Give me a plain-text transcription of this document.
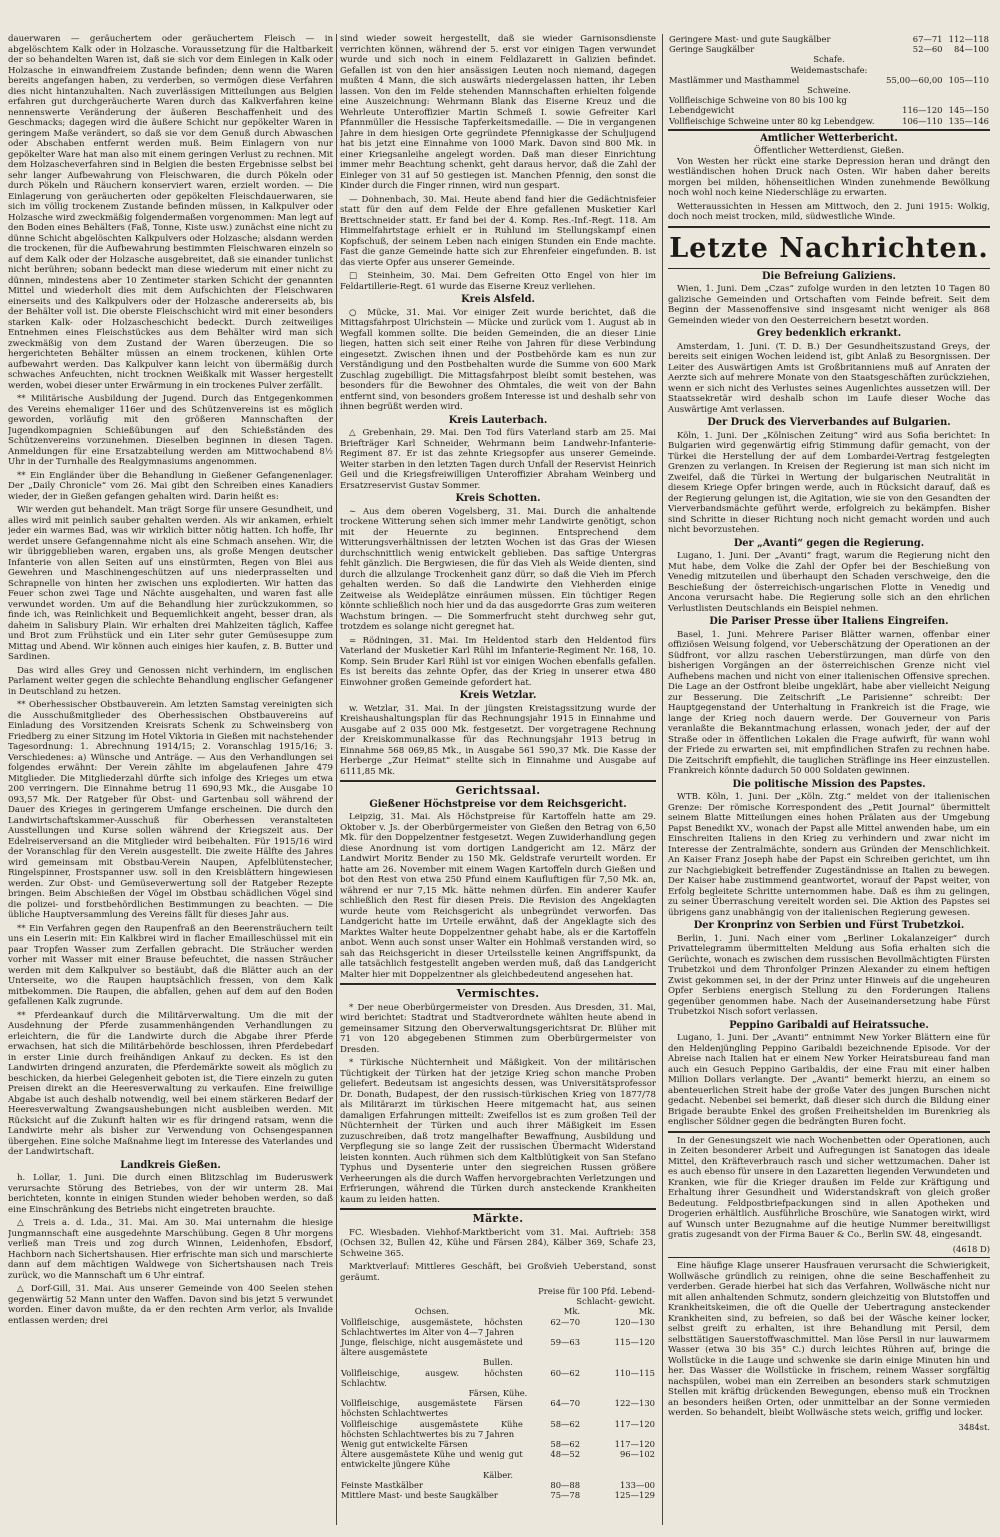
dauerwaren — geräuchertem oder geräuchertem Fleisch — in abgelöschtem Kalk oder in Holzasche. Voraussetzung für die Haltbarkeit der so behandelten Waren ist, daß sie sich vor dem Einlegen in Kalk oder Holzasche in einwandfreiem Zustande befinden; denn wenn die Waren bereits angefangen haben, zu verderben, so vermögen diese Verfahren dies nicht hintanzuhalten. Nach zuverlässigen Mitteilungen aus Belgien erfahren gut durchgeräucherte Waren durch das Kalkverfahren keine nennenswerte Veränderung der äußeren Beschaffenheit und des Geschmacks; dagegen wird die äußere Schicht nur gepökelter Waren in geringem Maße verändert, so daß sie vor dem Genuß durch Abwaschen oder Abschaben entfernt werden muß. Beim Einlagern von nur gepökelter Ware hat man also mit einem geringen Verlust zu rechnen. Mit dem Holzascheverfahren sind in Belgien die besten Ergebnisse selbst bei sehr langer Aufbewahrung von Fleischwaren, die durch Pökeln oder durch Pökeln und Räuchern konserviert waren, erzielt worden. — Die Einlagerung von geräucherten oder gepökelten Fleischdauerwaren, sie sich im völlig trockenem Zustande befinden müssen, in Kalkpulver oder Holzasche wird zweckmäßig folgendermaßen vorgenommen: Man legt auf den Boden eines Behälters (Faß, Tonne, Kiste usw.) zunächst eine nicht zu dünne Schicht abgelöschten Kalkpulvers oder Holzasche; alsdann werden die trockenen, für die Aufbewahrung bestimmten Fleischwaren einzeln so auf dem Kalk oder der Holzasche ausgebreitet, daß sie einander tunlichst nicht berühren; sobann bedeckt man diese wiederum mit einer nicht zu dünnen, mindestens aber 10 Zentimeter starken Schicht der genannten Mittel und wiederholt dies mit dem Aufschichten der Fleischwaren einerseits und des Kalkpulvers oder der Holzasche andererseits ab, bis der Behälter voll ist. Die oberste Fleischschicht wird mit einer besonders starken Kalk- oder Holzascheschicht bedeckt. Durch zeitweiliges Entnehmen eines Fleischstückes aus dem Behälter wird man sich zweckmäßig von dem Zustand der Waren überzeugen. Die so hergerichteten Behälter müssen an einem trockenen, kühlen Orte aufbewahrt werden. Das Kalkpulver kann leicht von übermäßig durch schwaches Anfeuchten, nicht trocknen Weißkalk mit Wasser hergestellt werden, wobei dieser unter Erwärmung in ein trockenes Pulver zerfällt.

** Militärische Ausbildung der Jugend. Durch das Entgegenkommen des Vereins ehemaliger 116er und des Schützenvereins ist es möglich geworden, vorläufig mit den größeren Mannschaften der Jugendkompagnien Schießübungen auf den Schießständen des Schützenvereins vorzunehmen. Dieselben beginnen in diesen Tagen. Anmeldungen für eine Ersatzabteilung werden am Mittwochabend 8½ Uhr in der Turnhalle des Realgymnasiums angenommen.

** Ein Engländer über die Behandlung in Gießener Gefangenenlager. Der „Daily Chronicle“ vom 26. Mai gibt den Schreiben eines Kanadiers wieder, der in Gießen gefangen gehalten wird. Darin heißt es:

Wir werden gut behandelt. Man trägt Sorge für unsere Gesundheit, und alles wird mit peinlich sauber gehalten werden. Als wir ankamen, erhielt jeder ein warmes Bad, was wir wirklich bitter nötig hatten. Ich hoffe, Ihr werdet unsere Gefangennahme nicht als eine Schmach ansehen. Wir, die wir übriggeblieben waren, ergaben uns, als große Mengen deutscher Infanterie von allen Seiten auf uns einstürmten, Regen von Blei aus Gewehren und Maschinengeschützen auf uns niederprasselten und Schrapnelle von hinten her zwischen uns explodierten. Wir hatten das Feuer schon zwei Tage und Nächte ausgehalten, und waren fast alle verwundet worden. Um auf die Behandlung hier zurückzukommen, so finde ich, was Reinlichkeit und Bequemlichkeit angeht, besser dran, als daheim in Salisbury Plain. Wir erhalten drei Mahlzeiten täglich, Kaffee und Brot zum Frühstück und ein Liter sehr guter Gemüsesuppe zum Mittag und Abend. Wir können auch einiges hier kaufen, z. B. Butter und Sardinen.

Das wird alles Grey und Genossen nicht verhindern, im englischen Parlament weiter gegen die schlechte Behandlung englischer Gefangener in Deutschland zu hetzen.

** Oberhessischer Obstbauverein. Am letzten Samstag vereinigten sich die Ausschußmitglieder des Oberhessischen Obstbauvereins auf Einladung des Vorsitzenden Kreisrats Schenk zu Schweinsberg von Friedberg zu einer Sitzung im Hotel Viktoria in Gießen mit nachstehender Tagesordnung: 1. Abrechnung 1914/15; 2. Voranschlag 1915/16; 3. Verschiedenes: a) Wünsche und Anträge. — Aus den Verhandlungen sei folgendes erwähnt: Der Verein zählte im abgelaufenen Jahre 479 Mitglieder. Die Mitgliederzahl dürfte sich infolge des Krieges um etwa 200 verringern. Die Einnahme betrug 11 690,93 Mk., die Ausgabe 10 093,57 Mk. Der Ratgeber für Obst- und Gartenbau soll während der Dauer des Krieges in geringerem Umfange erscheinen. Die durch den Landwirtschaftskammer-Ausschuß für Oberhessen veranstalteten Ausstellungen und Kurse sollen während der Kriegszeit aus. Der Edelreiserversand an die Mitglieder wird beibehalten. Für 1915/16 wird der Voranschlag für den Verein ausgestellt. Die zweite Hälfte des Jahres wird gemeinsam mit Obstbau-Verein Naupen, Apfelblütenstecher, Ringelspinner, Frostspanner usw. soll in den Kreisblättern hingewiesen werden. Zur Obst- und Gemüseverwertung soll der Ratgeber Rezepte bringen. Beim Abschießen der Vögel im Obstbau schädlichen Vögel sind die polizei- und forstbehördlichen Bestimmungen zu beachten. — Die übliche Hauptversammlung des Vereins fällt für dieses Jahr aus.

** Ein Verfahren gegen den Raupenfraß an den Beerensträuchern teilt uns ein Leserin mit: Ein Kalkbrei wird in flacher Emailleschüssel mit ein paar Tropfen Wasser zum Zerfallen gebracht. Die Sträucher werden vorher mit Wasser mit einer Brause befeuchtet, die nassen Sträucher werden mit dem Kalkpulver so bestäubt, daß die Blätter auch an der Unterseite, wo die Raupen hauptsächlich fressen, von dem Kalk mitbekommen. Die Raupen, die abfallen, gehen auf dem auf den Boden gefallenen Kalk zugrunde.

** Pferdeankauf durch die Militärverwaltung. Um die mit der Ausdehnung der Pferde zusammenhängenden Verhandlungen zu erleichtern, die für die Landwirte durch die Abgabe ihrer Pferde erwachsen, hat sich die Militärbehörde beschlossen, ihren Pferdebedarf in erster Linie durch freihändigen Ankauf zu decken. Es ist den Landwirten dringend anzuraten, die Pferdemärkte soweit als möglich zu beschicken, da hierbei Gelegenheit geboten ist, die Tiere einzeln zu guten Preisen direkt an die Heeresverwaltung zu verkaufen. Eine freiwillige Abgabe ist auch deshalb notwendig, weil bei einem stärkeren Bedarf der Heeresverwaltung Zwangsaushebungen nicht ausbleiben werden. Mit Rücksicht auf die Zukunft halten wir es für dringend ratsam, wenn die Landwirte mehr als bisher zur Verwendung von Ochsengespannen übergehen. Eine solche Maßnahme liegt im Interesse des Vaterlandes und der Landwirtschaft.

Landkreis Gießen.

h. Lollar, 1. Juni. Die durch einen Blitzschlag im Buderuswerk verursachte Störung des Betriebes, von der wir unterm 28. Mai berichteten, konnte in einigen Stunden wieder behoben werden, so daß eine Einschränkung des Betriebs nicht eingetreten brauchte.

△ Treis a. d. Lda., 31. Mai. Am 30. Mai unternahm die hiesige Jungmannschaft eine ausgedehnte Marschübung. Gegen 8 Uhr morgens verließ man Treis und zog durch Winnen, Leidenhofen, Ebsdorf, Hachborn nach Sichertshausen. Hier erfrischte man sich und marschierte dann auf dem mächtigen Waldwege von Sichertshausen nach Treis zurück, wo die Mannschaft um 6 Uhr eintraf.

△ Dorf-Gill, 31. Mai. Aus unserer Gemeinde von 400 Seelen stehen gegenwärtig 52 Mann unter den Waffen. Davon sind bis jetzt 5 verwundet worden. Einer davon mußte, da er den rechten Arm verlor, als Invalide entlassen werden; drei

sind wieder soweit hergestellt, daß sie wieder Garnisonsdienste verrichten können, während der 5. erst vor einigen Tagen verwundet wurde und sich noch in einem Feldlazarett in Galizien befindet. Gefallen ist von den hier ansässigen Leuten noch niemand, dagegen mußten 4 Mann, die sich auswärts niedergelassen hatten, ihr Leben lassen. Von den im Felde stehenden Mannschaften erhielten folgende eine Auszeichnung: Wehrmann Blank das Eiserne Kreuz und die Wehrleute Unteroffizier Martin Schmeß I. sowie Gefreiter Karl Pfannmüller die Hessische Tapferkeitsmedaille. — Die in vergangenen Jahre in dem hiesigen Orte gegründete Pfennigkasse der Schuljugend hat bis jetzt eine Einnahme von 1000 Mark. Davon sind 800 Mk. in einer Kriegsanleihe angelegt worden. Daß man dieser Einrichtung immer mehr Beachtung schenkt, geht daraus hervor, daß die Zahl der Einleger von 31 auf 50 gestiegen ist. Manchen Pfennig, den sonst die Kinder durch die Finger rinnen, wird nun gespart.

— Dohnenbach, 30. Mai. Heute abend fand hier die Gedächtnisfeier statt für den auf dem Felde der Ehre gefallenen Musketier Karl Brettschneider statt. Er fand bei der 4. Komp. Res.-Inf.-Regt. 118. Am Himmelfahrtstage erhielt er in Ruhlund im Stellungskampf einen Kopfschuß, der seinem Leben nach einigen Stunden ein Ende machte. Fast die ganze Gemeinde hatte sich zur Ehrenfeier eingefunden. B. ist das vierte Opfer aus unserer Gemeinde.

□ Steinheim, 30. Mai. Dem Gefreiten Otto Engel von hier im Feldartillerie-Regt. 61 wurde das Eiserne Kreuz verliehen.

Kreis Alsfeld.

○ Mücke, 31. Mai. Vor einiger Zeit wurde berichtet, daß die Mittagsfahrpost Ulrichstein — Mücke und zurück vom 1. August ab in Wegfall kommen sollte. Die beiden Gemeinden, die an dieser Linie liegen, hatten sich seit einer Reihe von Jahren für diese Verbindung eingesetzt. Zwischen ihnen und der Postbehörde kam es nun zur Verständigung und den Postbehalten wurde die Summe von 600 Mark Zuschlag zugebilligt. Die Mittagsfahrpost bleibt somit bestehen, was besonders für die Bewohner des Ohmtales, die weit von der Bahn entfernt sind, von besonders großem Interesse ist und deshalb sehr von ihnen begrüßt werden wird.

Kreis Lauterbach.

△ Grebenhain, 29. Mai. Den Tod fürs Vaterland starb am 25. Mai Briefträger Karl Schneider, Wehrmann beim Landwehr-Infanterie-Regiment 87. Er ist das zehnte Kriegsopfer aus unserer Gemeinde. Weiter starben in den letzten Tagen durch Unfall der Reservist Heinrich Geil und die Kriegsfreiwilligen Unteroffizier Abraham Weinberg und Ersatzreservist Gustav Sommer.

Kreis Schotten.

∼ Aus dem oberen Vogelsberg, 31. Mai. Durch die anhaltende trockene Witterung sehen sich immer mehr Landwirte genötigt, schon mit der Heuernte zu beginnen. Entsprechend dem Witterungsverhältnissen der letzten Wochen ist das Gras der Wiesen durchschnittlich wenig entwickelt geblieben. Das saftige Untergras fehlt gänzlich. Die Bergwiesen, die für das Vieh als Weide dienten, sind durch die allzulange Trockenheit ganz dürr, so daß die Vieh im Pferch gehalten werden. So daß die Landwirte den Viehherden einige Zeitweise als Weideplätze einräumen müssen. Ein tüchtiger Regen könnte schließlich noch hier und da das ausgedorrte Gras zum weiteren Wachstum bringen. — Die Sommerfrucht steht durchweg sehr gut, trotzdem es solange nicht geregnet hat.

= Rödningen, 31. Mai. Im Heldentod starb den Heldentod fürs Vaterland der Musketier Karl Rühl im Infanterie-Regiment Nr. 168, 10. Komp. Sein Bruder Karl Rühl ist vor einigen Wochen ebenfalls gefallen. Es ist bereits das zehnte Opfer, das der Krieg in unserer etwa 480 Einwohner großen Gemeinde gefordert hat.

Kreis Wetzlar.

w. Wetzlar, 31. Mai. In der jüngsten Kreistagssitzung wurde der Kreishaushaltungsplan für das Rechnungsjahr 1915 in Einnahme und Ausgabe auf 2 035 000 Mk. festgesetzt. Der vorgetragene Rechnung der Kreiskommunalkasse für das Rechnungsjahr 1913 betrug in Einnahme 568 069,85 Mk., in Ausgabe 561 590,37 Mk. Die Kasse der Herberge „Zur Heimat“ stellte sich in Einnahme und Ausgabe auf 6111,85 Mk.

Gerichtssaal.
Gießener Höchstpreise vor dem Reichsgericht.

Leipzig, 31. Mai. Als Höchstpreise für Kartoffeln hatte am 29. Oktober v. Js. der Oberbürgermeister von Gießen den Betrag von 6,50 Mk. für den Doppelzentner festgesetzt. Wegen Zuwiderhandlung gegen diese Anordnung ist vom dortigen Landgericht am 12. März der Landwirt Moritz Bender zu 150 Mk. Geldstrafe verurteilt worden. Er hatte am 26. November mit einem Wagen Kartoffeln durch Gießen und bot den Rest von etwa 250 Pfund einem Kaufluftigen für 7,50 Mk. an, während er nur 7,15 Mk. hätte nehmen dürfen. Ein anderer Kaufer schließlich den Rest für diesen Preis. Die Revision des Angeklagten wurde heute vom Reichsgericht als unbegründet verworfen. Das Landgericht hatte im Urteile erwähnt, daß der Angeklagte sich des Marktes Walter heute Doppelzentner gehabt habe, als er die Kartoffeln anbot. Wenn auch sonst unser Walter ein Hohlmaß verstanden wird, so sah das Reichsgericht in dieser Urteilsstelle keinen Angriffspunkt, da alle tatsächlich festgestellt angeben werden muß, daß das Landgericht Malter hier mit Doppelzentner als gleichbedeutend angesehen hat.

Vermischtes.

* Der neue Oberbürgermeister von Dresden. Aus Dresden, 31. Mai, wird berichtet: Stadtrat und Stadtverordnete wählten heute abend in gemeinsamer Sitzung den Oberverwaltungsgerichtsrat Dr. Blüher mit 71 von 120 abgegebenen Stimmen zum Oberbürgermeister von Dresden.

* Türkische Nüchternheit und Mäßigkeit. Von der militärischen Tüchtigkeit der Türken hat der jetzige Krieg schon manche Proben geliefert. Bedeutsam ist angesichts dessen, was Universitätsprofessor Dr. Donath, Budapest, der den russisch-türkischen Krieg von 1877/78 als Militärarzt im türkischen Heere mitgemacht hat, aus seinen damaligen Erfahrungen mitteilt: Zweifellos ist es zum großen Teil der Nüchternheit der Türken und auch ihrer Mäßigkeit im Essen zuzuschreiben, daß trotz mangelhafter Bewaffnung, Ausbildung und Verpflegung sie so lange Zeit der russischen Übermacht Widerstand leisten konnten. Auch rühmen sich dem Kaltblütigkeit von San Stefano Typhus und Dysenterie unter den siegreichen Russen größere Verheerungen als die durch Waffen hervorgebrachten Verletzungen und Erfrierungen, während die Türken durch ansteckende Krankheiten kaum zu leiden hatten.

Märkte.

FC. Wiesbaden. Viehhof-Marktbericht vom 31. Mai. Auftrieb: 358 (Ochsen 32, Bullen 42, Kühe und Färsen 284), Kälber 369, Schafe 23, Schweine 365.

Marktverlauf: Mittleres Geschäft, bei Großvieh Ueberstand, sonst geräumt.

	Preise für 100 Pfd. Lebend- Schlacht- gewicht.	
Ochsen.	Mk.	Mk.
Vollfleischige, ausgemästete, höchsten Schlachtwertes im Alter von 4—7 Jahren	62—70	120—130
Junge, fleischige, nicht ausgemästete und ältere ausgemästete	59—63	115—120
Bullen.		
Vollfleischige, ausgew. höchsten Schlachtw.	60—62	110—115
Färsen, Kühe.		
Vollfleischige, ausgemästete Färsen höchsten Schlachtwertes	64—70	122—130
Vollfleischige ausgemästete Kühe höchsten Schlachtwertes bis zu 7 Jahren	58—62	117—120
Wenig gut entwickelte Färsen	58—62	117—120
Ältere ausgemästete Kühe und wenig gut entwickelte jüngere Kühe	48—52	96—102
Kälber.		
Feinste Mastkälber	80—88	133—00
Mittlere Mast- und beste Saugkälber	75—78	125—129
Geringere Mast- und gute Saugkälber	67—71	112—118
Geringe Saugkälber	52—60	84—100
Schafe.		
Weidemastschafe:		
Mastlämmer und Masthammel	55,00—60,00	105—110
Schweine.		
Vollfleischige Schweine von 80 bis 100 kg		
Lebendgewicht	116—120	145—150
Vollfleischige Schweine unter 80 kg Lebendgew.	106—110	135—146
Amtlicher Wetterbericht.
Öffentlicher Wetterdienst, Gießen.

Von Westen her rückt eine starke Depression heran und drängt den westländischen hohen Druck nach Osten. Wir haben daher bereits morgen bei milden, höhenseitlichen Winden zunehmende Bewölkung noch wohl noch keine Niederschläge zu erwarten.

Wetteraussichten in Hessen am Mittwoch, den 2. Juni 1915: Wolkig, doch noch meist trocken, mild, südwestliche Winde.

Letzte Nachrichten.
Die Befreiung Galiziens.

Wien, 1. Juni. Dem „Czas“ zufolge wurden in den letzten 10 Tagen 80 galizische Gemeinden und Ortschaften vom Feinde befreit. Seit dem Beginn der Massenoffensive sind insgesamt nicht weniger als 868 Gemeinden wieder von den Oesterreichern besetzt worden.

Grey bedenklich erkrankt.

Amsterdam, 1. Juni. (T. D. B.) Der Gesundheitszustand Greys, der bereits seit einigen Wochen leidend ist, gibt Anlaß zu Besorgnissen. Der Leiter des Auswärtigen Amts ist Großbritanniens muß auf Anraten der Aerzte sich auf mehrere Monate von den Staatsgeschäften zurückziehen, wenn er sich nicht des Verlustes seines Augenlichtes aussetzen will. Der Staatssekretär wird deshalb schon im Laufe dieser Woche das Auswärtige Amt verlassen.

Der Druck des Vierverbandes auf Bulgarien.

Köln, 1. Juni. Der „Kölnischen Zeitung“ wird aus Sofia berichtet: In Bulgarien wird gegenwärtig eifrig Stimmung dafür gemacht, von der Türkei die Herstellung der auf dem Lombardei-Vertrag festgelegten Grenzen zu verlangen. In Kreisen der Regierung ist man sich nicht im Zweifel, daß die Türkei in Wertung der bulgarischen Neutralität in diesem Kriege Opfer bringen werde, auch in Rücksicht darauf, daß es der Regierung gelungen ist, die Agitation, wie sie von den Gesandten der Vierverbandsmächte geführt werde, erfolgreich zu bekämpfen. Bisher sind Schritte in dieser Richtung noch nicht gemacht worden und auch nicht bevorzustehen.

Der „Avanti“ gegen die Regierung.

Lugano, 1. Juni. Der „Avanti“ fragt, warum die Regierung nicht den Mut habe, dem Volke die Zahl der Opfer bei der Beschießung von Venedig mitzuteilen und überhaupt den Schaden verschweige, den die Beschießung der österreichisch-ungarischen Flotte in Venedig und Ancona verursacht habe. Die Regierung solle sich an den ehrlichen Verlustlisten Deutschlands ein Beispiel nehmen.

Die Pariser Presse über Italiens Eingreifen.

Basel, 1. Juni. Mehrere Pariser Blätter warnen, offenbar einer offiziösen Weisung folgend, vor Ueberschätzung der Operationen an der Südfront, vor allzu raschen Ueberstürzungen, man dürfe von den bisherigen Vorgängen an der österreichischen Grenze nicht viel Aufhebens machen und nicht von einer italienischen Offensive sprechen. Die Lage an der Ostfront bleibe ungeklärt, habe aber vielleicht Neigung zur Besserung. Die Zeitschrift „Le Parisienne“ schreibt: Der Hauptgegenstand der Unterhaltung in Frankreich ist die Frage, wie lange der Krieg noch dauern werde. Der Gouverneur von Paris veranlaßte die Bekanntmachung erlassen, wonach jeder, der auf der Straße oder in öffentlichen Lokalen die Frage aufwirft, für wann wohl der Friede zu erwarten sei, mit empfindlichen Strafen zu rechnen habe. Die Zeitschrift empfiehlt, die tauglichen Sträflinge ins Heer einzustellen. Frankreich könnte dadurch 50 000 Soldaten gewinnen.

Die politische Mission des Papstes.

WTB. Köln, 1. Juni. Der „Köln. Ztg.“ meldet von der italienischen Grenze: Der römische Korrespondent des „Petit Journal“ übermittelt seinem Blatte Mitteilungen eines hohen Prälaten aus der Umgebung Papst Benedikt XV., wonach der Papst alle Mittel anwenden habe, um ein Einschreiten Italiens in den Krieg zu verhindern und zwar nicht im Interesse der Zentralmächte, sondern aus Gründen der Menschlichkeit. An Kaiser Franz Joseph habe der Papst ein Schreiben gerichtet, um ihn zur Nachgiebigkeit betreffender Zugeständnisse an Italien zu bewegen. Der Kaiser habe zustimmend geantwortet, worauf der Papst weiter, von Erfolg begleitete Schritte unternommen habe. Daß es ihm zu gelingen, zu seiner Überraschung vereitelt worden sei. Die Aktion des Papstes sei übrigens ganz unabhängig von der italienischen Regierung gewesen.

Der Kronprinz von Serbien und Fürst Trubetzkoi.

Berlin, 1. Juni. Nach einer vom „Berliner Lokalanzeiger“ durch Privattelegramm übermittelten Meldung aus Sofia erhalten sich die Gerüchte, wonach es zwischen dem russischen Bevollmächtigten Fürsten Trubetzkoi und dem Thronfolger Prinzen Alexander zu einem heftigen Zwist gekommen sei, in der der Prinz unter Hinweis auf die ungeheuren Opfer Serbiens energisch Stellung zu den Forderungen Italiens gegenüber genommen habe. Nach der Auseinandersetzung habe Fürst Trubetzkoi Nisch sofort verlassen.

Peppino Garibaldi auf Heiratssuche.

Lugano, 1. Juni. Der „Avanti“ entnimmt New Yorker Blättern eine für den Heldenjüngling Peppino Garibaldi bezeichnende Episode. Vor der Abreise nach Italien hat er einem New Yorker Heiratsbureau fand man auch ein Gesuch Peppino Garibaldis, der eine Frau mit einer halben Million Dollars verlangte. Der „Avanti“ bemerkt hierzu, an einem so abenteuerlichen Streit habe der große Vater des jungen Burschen nicht gedacht. Nebenbei sei bemerkt, daß dieser sich durch die Bildung einer Brigade beraubte Enkel des großen Freiheitshelden im Burenkrieg als englischer Söldner gegen die bedrängten Buren focht.

In der Genesungszeit wie nach Wochenbetten oder Operationen, auch in Zeiten besonderer Arbeit und Aufregungen ist Sanatogen das ideale Mittel, den Kräfteverbrauch rasch und sicher wettzumachen. Daher ist es auch ebenso für unsere in den Lazaretten liegenden Verwundeten und Kranken, wie für die Krieger draußen im Felde zur Kräftigung und Erhaltung ihrer Gesundheit und Widerstandskraft von gleich großer Bedeutung. Feldpostbriefpackungen sind in allen Apotheken und Drogerien erhältlich. Ausführliche Broschüre, wie Sanatogen wirkt, wird auf Wunsch unter Bezugnahme auf die heutige Nummer bereitwilligst gratis zugesandt von der Firma Bauer & Co., Berlin SW. 48, eingesandt.

(4618 D)

Eine häufige Klage unserer Hausfrauen verursacht die Schwierigkeit, Wollwäsche gründlich zu reinigen, ohne die seine Beschaffenheit zu verderben. Gerade hierbei hat sich das Verfahren, Wollwäsche nicht nur mit allen anhaltenden Schmutz, sondern gleichzeitig von Blutstoffen und Krankheitskeimen, die oft die Quelle der Uebertragung ansteckender Krankheiten sind, zu befreien, so daß bei der Wäsche keiner locker, selbst greift zu erhalten, ist ihre Behandlung mit Persil, dem selbsttätigen Sauerstoffwaschmittel. Man löse Persil in nur lauwarmem Wasser (etwa 30 bis 35° C.) durch leichtes Rühren auf, bringe die Wollstücke in die Lauge und schwenke sie darin einige Minuten hin und her. Das Wasser die Wollstücke in frischem, reinem Wasser sorgfältig nachspülen, wobei man ein Zerreiben an besonders stark schmutzigen Stellen mit kräftig drückenden Bewegungen, ebenso muß ein Trocknen an besonders heißen Orten, oder unmittelbar an der Sonne vermieden werden. So behandelt, bleibt Wollwäsche stets weich, griffig und locker.

3484st.
